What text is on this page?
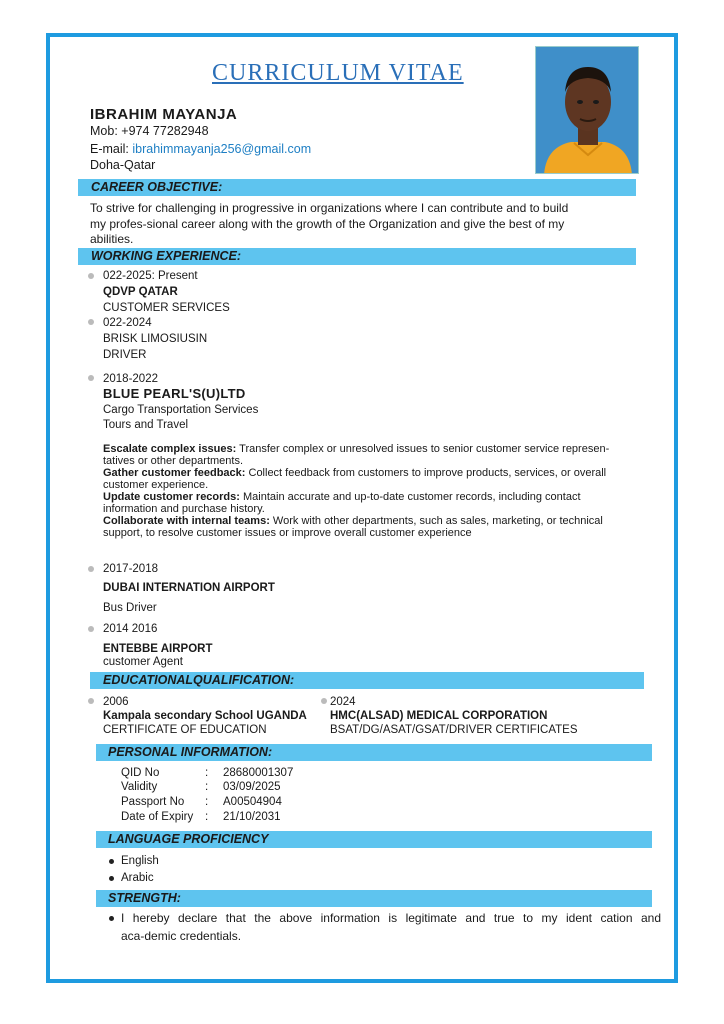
CURRICULUM VITAE
IBRAHIM MAYANJA
Mob: +974 77282948
E-mail: ibrahimmayanja256@gmail.com
Doha-Qatar
CAREER OBJECTIVE:
To strive for challenging in progressive in organizations where I can contribute and to build
my profes-sional career along with the growth of the Organization and give the best of my
abilities.
WORKING EXPERIENCE:
022-2025: Present
QDVP QATAR
CUSTOMER SERVICES
022-2024
BRISK LIMOSIUSIN
DRIVER
2018-2022
BLUE PEARL'S(U)LTD
Cargo Transportation Services
Tours and Travel
Escalate complex issues: Transfer complex or unresolved issues to senior customer service represen-
tatives or other departments.
Gather customer feedback: Collect feedback from customers to improve products, services, or overall
customer experience.
Update customer records: Maintain accurate and up-to-date customer records, including contact
information and purchase history.
Collaborate with internal teams: Work with other departments, such as sales, marketing, or technical
support, to resolve customer issues or improve overall customer experience
2017-2018
DUBAI INTERNATION AIRPORT
Bus Driver
2014 2016
ENTEBBE AIRPORT
customer Agent
EDUCATIONALQUALIFICATION:
2006
Kampala secondary School UGANDA
CERTIFICATE OF EDUCATION
2024
HMC(ALSAD) MEDICAL CORPORATION
BSAT/DG/ASAT/GSAT/DRIVER CERTIFICATES
PERSONAL INFORMATION:
QID No	: 28680001307
Validity	: 03/09/2025
Passport No : A00504904
Date of Expiry : 21/10/2031
LANGUAGE PROFICIENCY
English
Arabic
STRENGTH:
I hereby declare that the above information is legitimate and true to my ident cation and
aca-demic credentials.
